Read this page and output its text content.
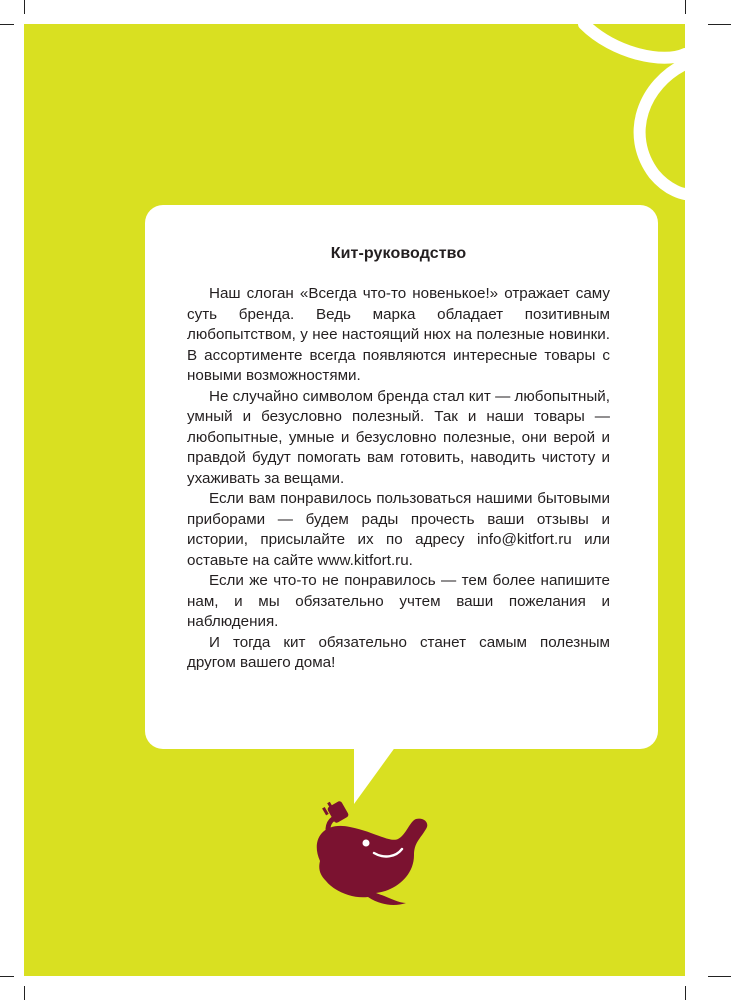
Кит-руководство

Наш слоган «Всегда что-то новенькое!» отражает саму суть бренда. Ведь марка обладает позитивным любопытством, у нее настоящий нюх на полезные новинки. В ассортименте всегда появляются интересные товары с новыми возможностями.

Не случайно символом бренда стал кит — любопытный, умный и безусловно полезный. Так и наши товары — любопытные, умные и безусловно полезные, они верой и правдой будут помогать вам готовить, наводить чистоту и ухаживать за вещами.

Если вам понравилось пользоваться нашими бытовыми приборами — будем рады прочесть ваши отзывы и истории, присылайте их по адресу info@kitfort.ru или оставьте на сайте www.kitfort.ru.

Если же что-то не понравилось — тем более напишите нам, и мы обязательно учтем ваши пожелания и наблюдения.

И тогда кит обязательно станет самым полезным другом вашего дома!
